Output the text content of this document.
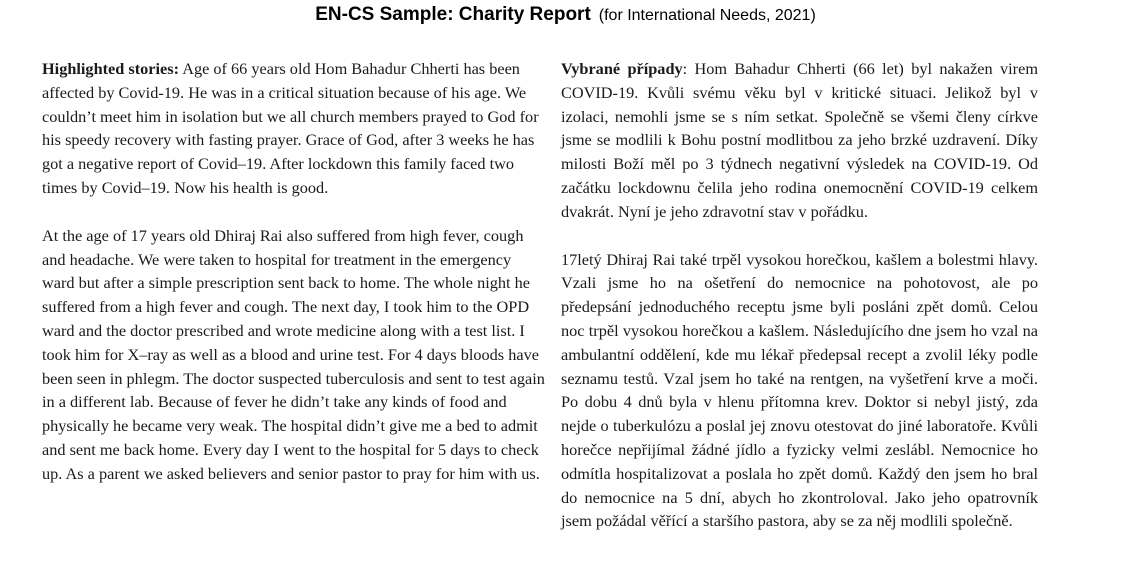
EN-CS Sample: Charity Report (for International Needs, 2021)

Highlighted stories: Age of 66 years old Hom Bahadur Chherti has been affected by Covid-19. He was in a critical situation because of his age. We couldn’t meet him in isolation but we all church members prayed to God for his speedy recovery with fasting prayer. Grace of God, after 3 weeks he has got a negative report of Covid–19. After lockdown this family faced two times by Covid–19. Now his health is good.

At the age of 17 years old Dhiraj Rai also suffered from high fever, cough and headache. We were taken to hospital for treatment in the emergency ward but after a simple prescription sent back to home. The whole night he suffered from a high fever and cough. The next day, I took him to the OPD ward and the doctor prescribed and wrote medicine along with a test list. I took him for X–ray as well as a blood and urine test. For 4 days bloods have been seen in phlegm. The doctor suspected tuberculosis and sent to test again in a different lab. Because of fever he didn’t take any kinds of food and physically he became very weak. The hospital didn’t give me a bed to admit and sent me back home. Every day I went to the hospital for 5 days to check up. As a parent we asked believers and senior pastor to pray for him with us.

Vybrané případy: Hom Bahadur Chherti (66 let) byl nakažen virem COVID-19. Kvůli svému věku byl v kritické situaci. Jelikož byl v izolaci, nemohli jsme se s ním setkat. Společně se všemi členy církve jsme se modlili k Bohu postní modlitbou za jeho brzké uzdravení. Díky milosti Boží měl po 3 týdnech negativní výsledek na COVID-19. Od začátku lockdownu čelila jeho rodina onemocnění COVID-19 celkem dvakrát. Nyní je jeho zdravotní stav v pořádku.

17letý Dhiraj Rai také trpěl vysokou horečkou, kašlem a bolestmi hlavy. Vzali jsme ho na ošetření do nemocnice na pohotovost, ale po předepsání jednoduchého receptu jsme byli posláni zpět domů. Celou noc trpěl vysokou horečkou a kašlem. Následujícího dne jsem ho vzal na ambulantní oddělení, kde mu lékař předepsal recept a zvolil léky podle seznamu testů. Vzal jsem ho také na rentgen, na vyšetření krve a moči. Po dobu 4 dnů byla v hlenu přítomna krev. Doktor si nebyl jistý, zda nejde o tuberkulózu a poslal jej znovu otestovat do jiné laboratoře. Kvůli horečce nepřijímal žádné jídlo a fyzicky velmi zeslábl. Nemocnice ho odmítla hospitalizovat a poslala ho zpět domů. Každý den jsem ho bral do nemocnice na 5 dní, abych ho zkontroloval. Jako jeho opatrovník jsem požádal věřící a staršího pastora, aby se za něj modlili společně.
